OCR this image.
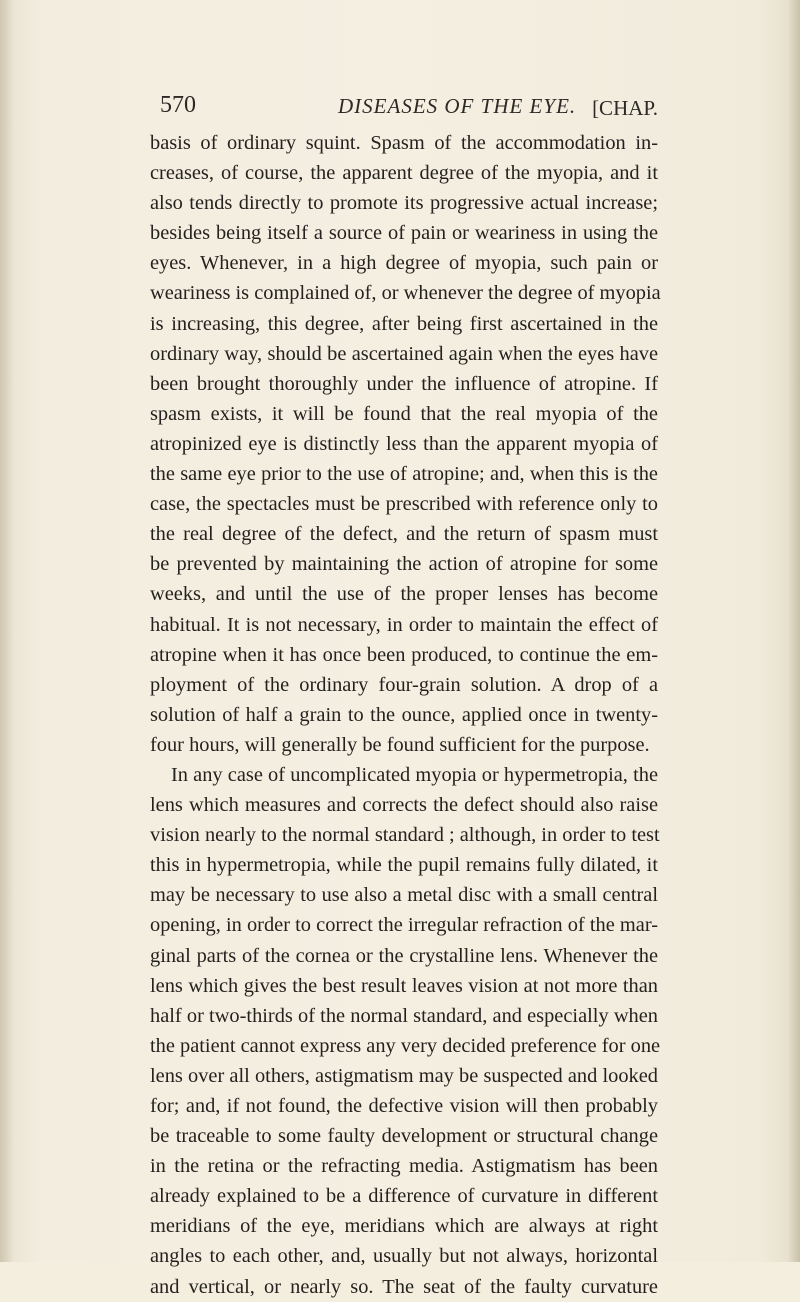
570	DISEASES OF THE EYE. [CHAP.
basis of ordinary squint. Spasm of the accommodation in-
creases, of course, the apparent degree of the myopia, and it
also tends directly to promote its progressive actual increase;
besides being itself a source of pain or weariness in using the
eyes. Whenever, in a high degree of myopia, such pain or
weariness is complained of, or whenever the degree of myopia
is increasing, this degree, after being first ascertained in the
ordinary way, should be ascertained again when the eyes have
been brought thoroughly under the influence of atropine. If
spasm exists, it will be found that the real myopia of the
atropinized eye is distinctly less than the apparent myopia of
the same eye prior to the use of atropine; and, when this is the
case, the spectacles must be prescribed with reference only to
the real degree of the defect, and the return of spasm must
be prevented by maintaining the action of atropine for some
weeks, and until the use of the proper lenses has become
habitual. It is not necessary, in order to maintain the effect of
atropine when it has once been produced, to continue the em-
ployment of the ordinary four-grain solution. A drop of a
solution of half a grain to the ounce, applied once in twenty-
four hours, will generally be found sufficient for the purpose.
In any case of uncomplicated myopia or hypermetropia, the
lens which measures and corrects the defect should also raise
vision nearly to the normal standard ; although, in order to test
this in hypermetropia, while the pupil remains fully dilated, it
may be necessary to use also a metal disc with a small central
opening, in order to correct the irregular refraction of the mar-
ginal parts of the cornea or the crystalline lens. Whenever the
lens which gives the best result leaves vision at not more than
half or two-thirds of the normal standard, and especially when
the patient cannot express any very decided preference for one
lens over all others, astigmatism may be suspected and looked
for; and, if not found, the defective vision will then probably
be traceable to some faulty development or structural change
in the retina or the refracting media. Astigmatism has been
already explained to be a difference of curvature in different
meridians of the eye, meridians which are always at right
angles to each other, and, usually but not always, horizontal
and vertical, or nearly so. The seat of the faulty curvature
